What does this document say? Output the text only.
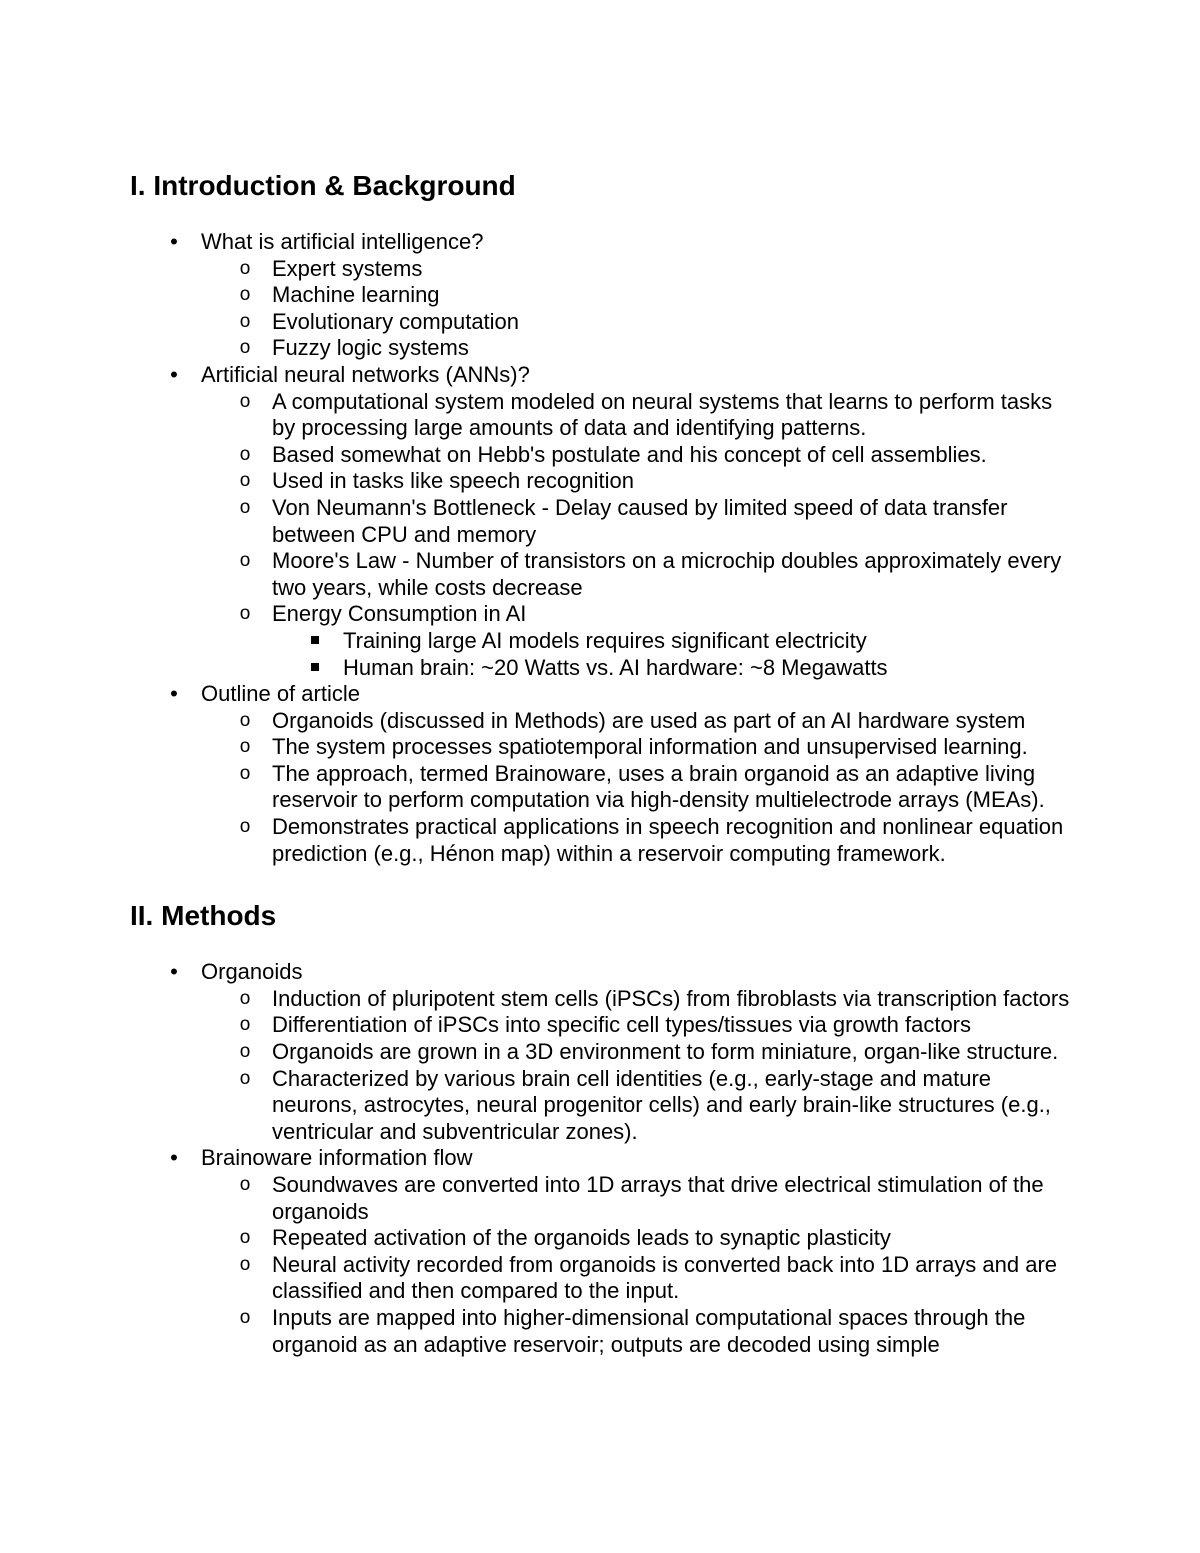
I. Introduction & Background
• What is artificial intelligence?
o Expert systems
o Machine learning
o Evolutionary computation
o Fuzzy logic systems
• Artificial neural networks (ANNs)?
o A computational system modeled on neural systems that learns to perform tasks by processing large amounts of data and identifying patterns.
o Based somewhat on Hebb's postulate and his concept of cell assemblies.
o Used in tasks like speech recognition
o Von Neumann's Bottleneck - Delay caused by limited speed of data transfer between CPU and memory
o Moore's Law - Number of transistors on a microchip doubles approximately every two years, while costs decrease
o Energy Consumption in AI
Training large AI models requires significant electricity
Human brain: ~20 Watts vs. AI hardware: ~8 Megawatts
• Outline of article
o Organoids (discussed in Methods) are used as part of an AI hardware system
o The system processes spatiotemporal information and unsupervised learning.
o The approach, termed Brainoware, uses a brain organoid as an adaptive living reservoir to perform computation via high-density multielectrode arrays (MEAs).
o Demonstrates practical applications in speech recognition and nonlinear equation prediction (e.g., Hénon map) within a reservoir computing framework.
II. Methods
• Organoids
o Induction of pluripotent stem cells (iPSCs) from fibroblasts via transcription factors
o Differentiation of iPSCs into specific cell types/tissues via growth factors
o Organoids are grown in a 3D environment to form miniature, organ-like structure.
o Characterized by various brain cell identities (e.g., early-stage and mature neurons, astrocytes, neural progenitor cells) and early brain-like structures (e.g., ventricular and subventricular zones).
• Brainoware information flow
o Soundwaves are converted into 1D arrays that drive electrical stimulation of the organoids
o Repeated activation of the organoids leads to synaptic plasticity
o Neural activity recorded from organoids is converted back into 1D arrays and are classified and then compared to the input.
o Inputs are mapped into higher-dimensional computational spaces through the organoid as an adaptive reservoir; outputs are decoded using simple
